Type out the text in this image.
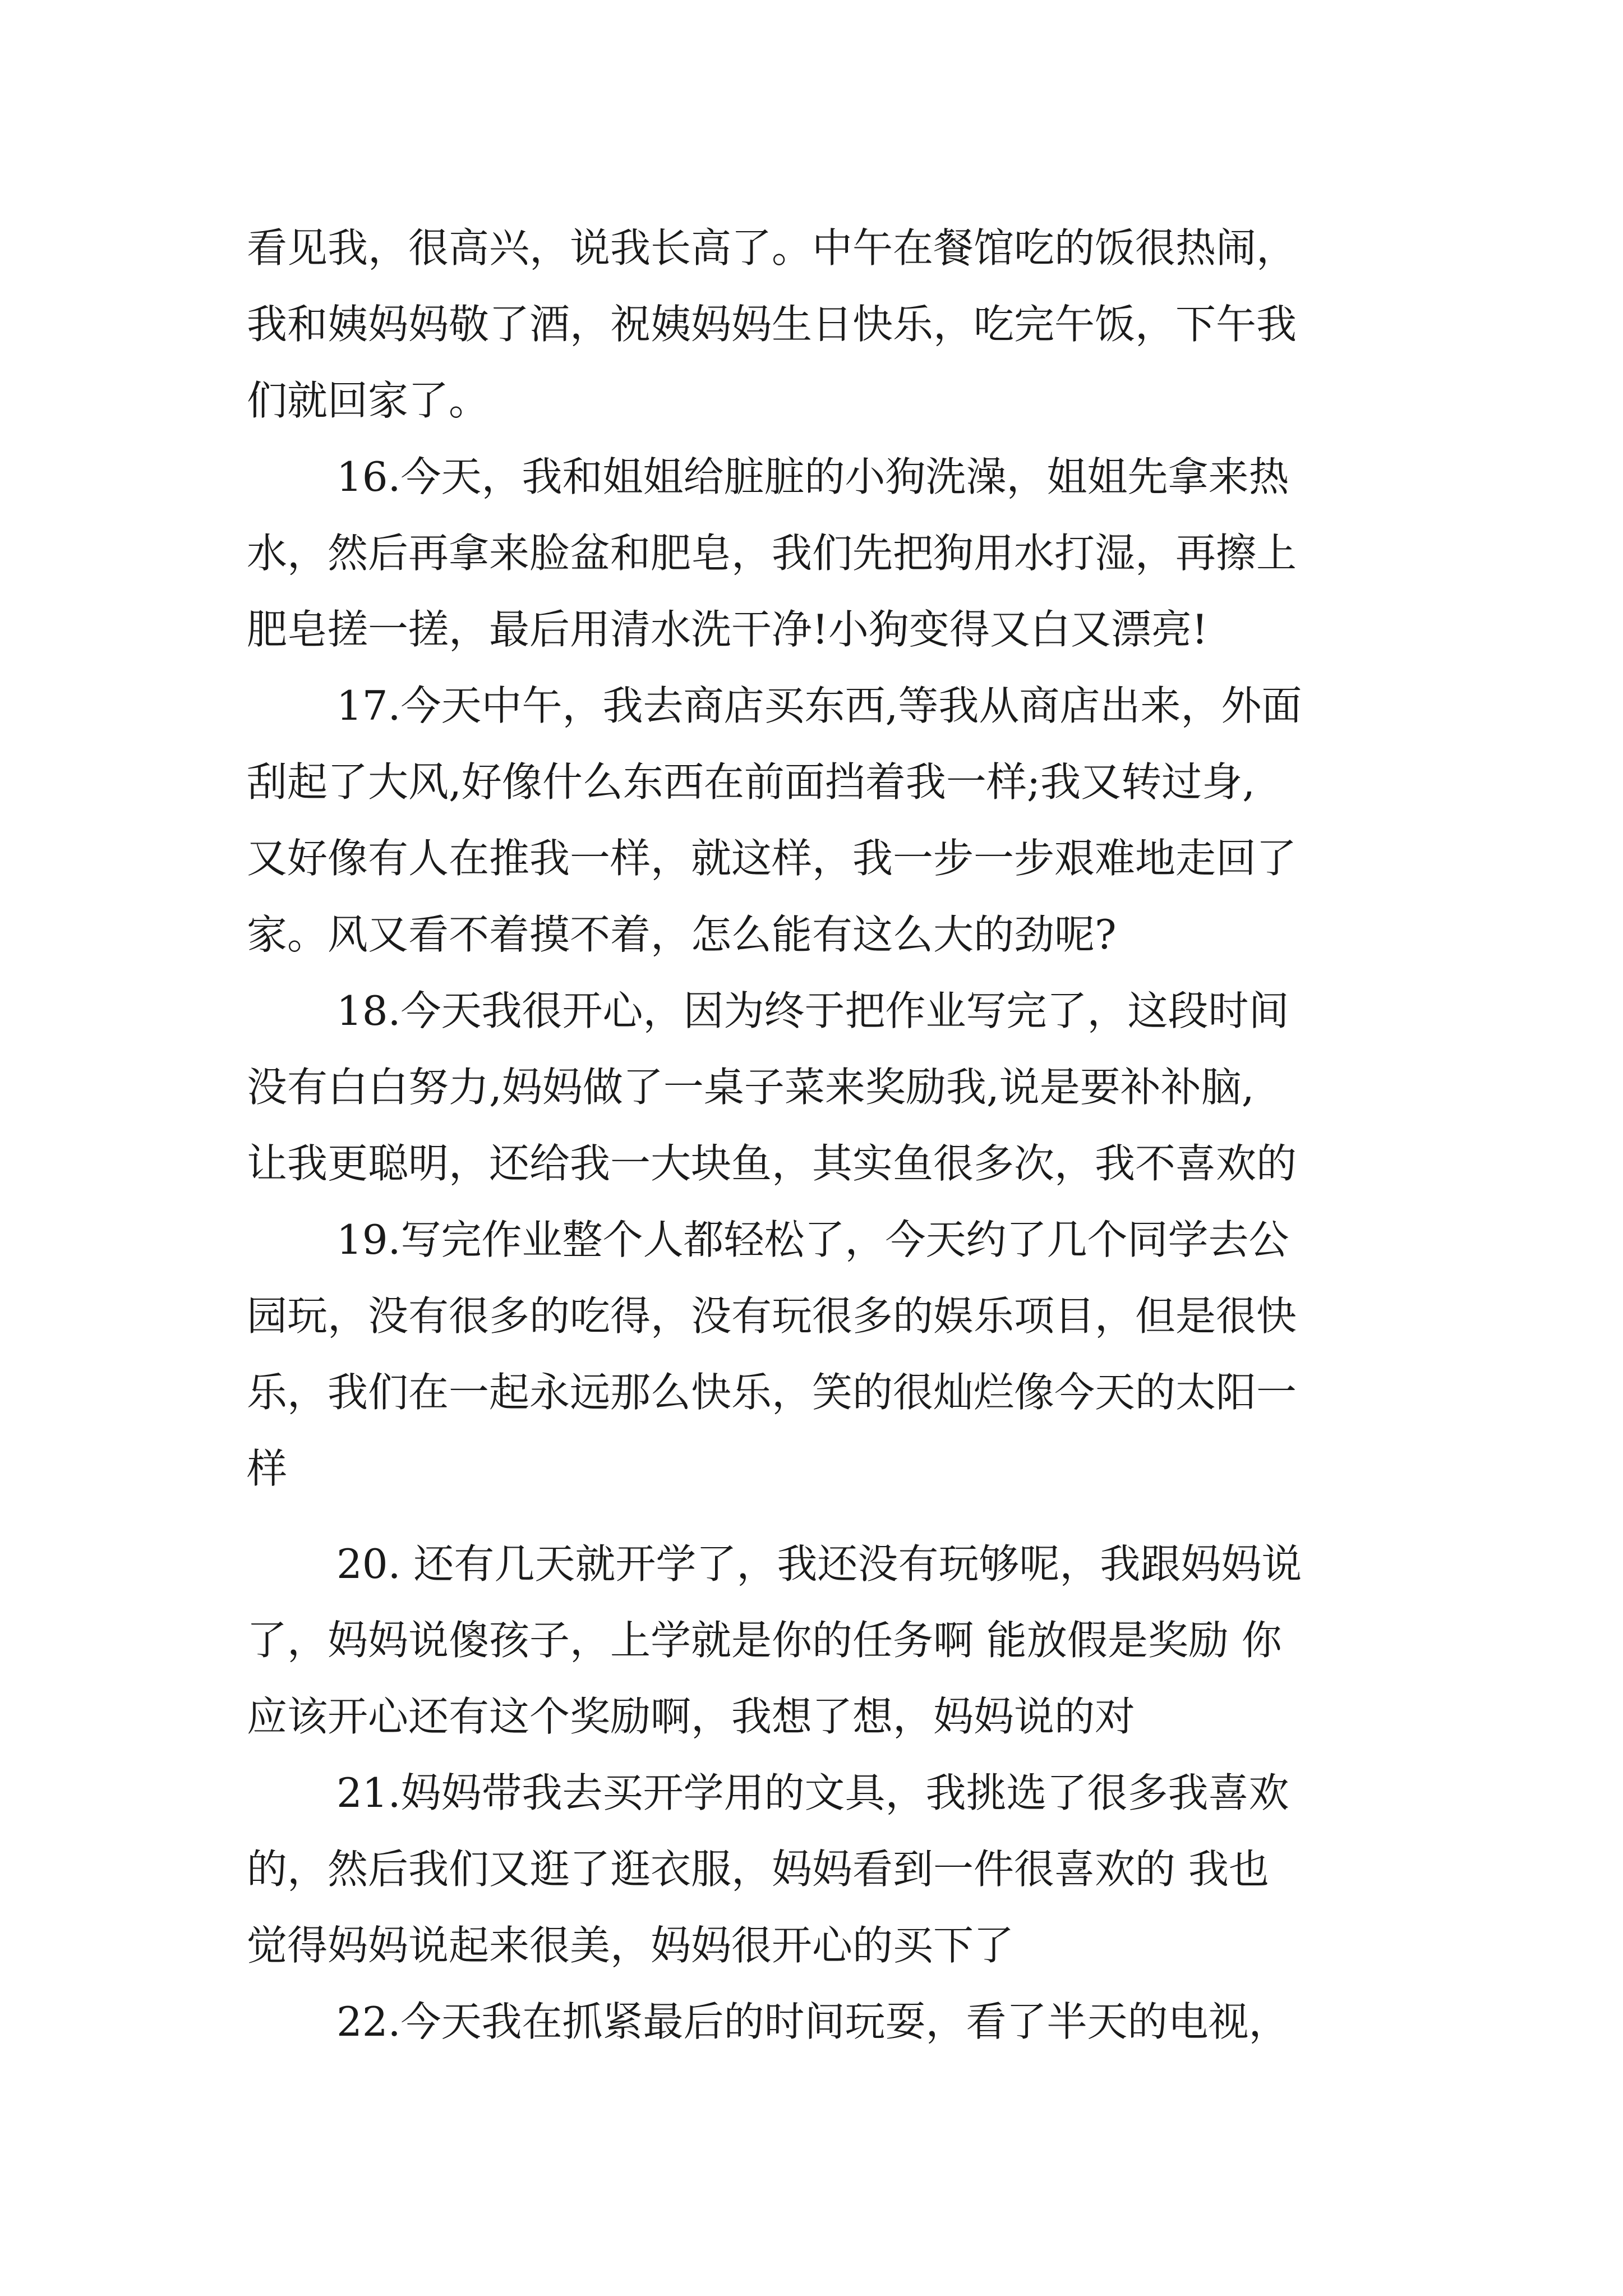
看见我，很高兴，说我长高了。中午在餐馆吃的饭很热闹，
我和姨妈妈敬了酒，祝姨妈妈生日快乐，吃完午饭，下午我
们就回家了。
16.今天，我和姐姐给脏脏的小狗洗澡，姐姐先拿来热
水，然后再拿来脸盆和肥皂，我们先把狗用水打湿，再擦上
肥皂搓一搓，最后用清水洗干净!小狗变得又白又漂亮!
17.今天中午，我去商店买东西,等我从商店出来，外面
刮起了大风,好像什么东西在前面挡着我一样;我又转过身,
又好像有人在推我一样，就这样，我一步一步艰难地走回了
家。风又看不着摸不着，怎么能有这么大的劲呢?
18.今天我很开心，因为终于把作业写完了，这段时间
没有白白努力,妈妈做了一桌子菜来奖励我,说是要补补脑,
让我更聪明，还给我一大块鱼，其实鱼很多次，我不喜欢的
19.写完作业整个人都轻松了，今天约了几个同学去公
园玩，没有很多的吃得，没有玩很多的娱乐项目，但是很快
乐，我们在一起永远那么快乐，笑的很灿烂像今天的太阳一
样
20. 还有几天就开学了，我还没有玩够呢，我跟妈妈说
了，妈妈说傻孩子，上学就是你的任务啊 能放假是奖励 你
应该开心还有这个奖励啊，我想了想，妈妈说的对
21.妈妈带我去买开学用的文具，我挑选了很多我喜欢
的，然后我们又逛了逛衣服，妈妈看到一件很喜欢的 我也
觉得妈妈说起来很美，妈妈很开心的买下了
22.今天我在抓紧最后的时间玩耍，看了半天的电视，
